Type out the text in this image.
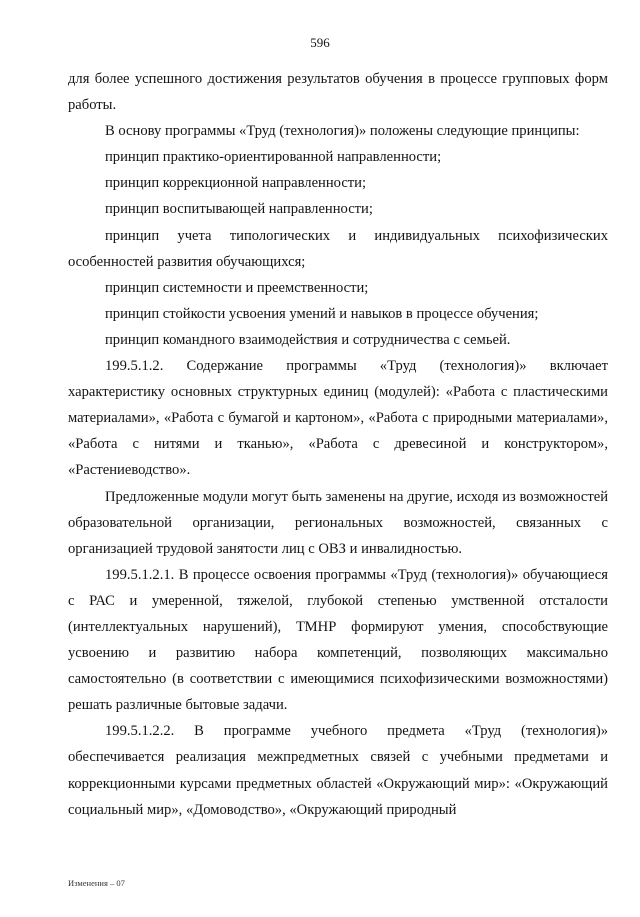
596

для более успешного достижения результатов обучения в процессе групповых форм работы.

В основу программы «Труд (технология)» положены следующие принципы:

принцип практико-ориентированной направленности;

принцип коррекционной направленности;

принцип воспитывающей направленности;

принцип учета типологических и индивидуальных психофизических особенностей развития обучающихся;

принцип системности и преемственности;

принцип стойкости усвоения умений и навыков в процессе обучения;

принцип командного взаимодействия и сотрудничества с семьей.

199.5.1.2. Содержание программы «Труд (технология)» включает характеристику основных структурных единиц (модулей): «Работа с пластическими материалами», «Работа с бумагой и картоном», «Работа с природными материалами», «Работа с нитями и тканью», «Работа с древесиной и конструктором», «Растениеводство».

Предложенные модули могут быть заменены на другие, исходя из возможностей образовательной организации, региональных возможностей, связанных с организацией трудовой занятости лиц с ОВЗ и инвалидностью.

199.5.1.2.1. В процессе освоения программы «Труд (технология)» обучающиеся с РАС и умеренной, тяжелой, глубокой степенью умственной отсталости (интеллектуальных нарушений), ТМНР формируют умения, способствующие усвоению и развитию набора компетенций, позволяющих максимально самостоятельно (в соответствии с имеющимися психофизическими возможностями) решать различные бытовые задачи.

199.5.1.2.2. В программе учебного предмета «Труд (технология)» обеспечивается реализация межпредметных связей с учебными предметами и коррекционными курсами предметных областей «Окружающий мир»: «Окружающий социальный мир», «Домоводство», «Окружающий природный

Изменения – 07
